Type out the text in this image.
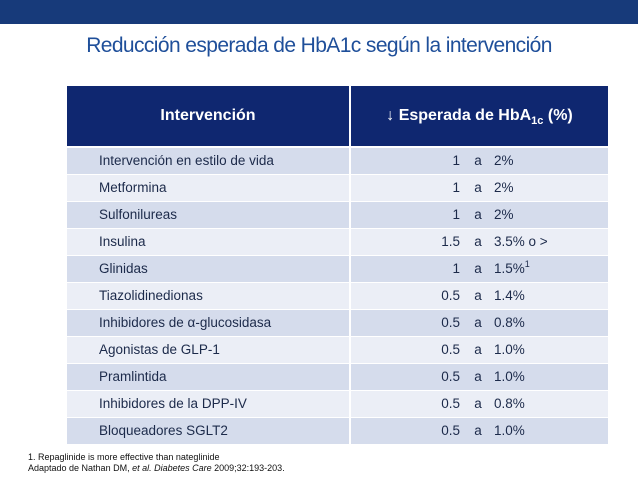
Reducción esperada de HbA1c según la intervención
Intervención	↓ Esperada de HbA$_{1c}$ (%)
Intervención en estilo de vida	1 a 2%
Metformina	1 a 2%
Sulfonilureas	1 a 2%
Insulina	1.5 a 3.5% o >
Glinidas	1 a 1.5%$^1$
Tiazolidinedionas	0.5 a 1.4%
Inhibidores de α-glucosidasa	0.5 a 0.8%
Agonistas de GLP-1	0.5 a 1.0%
Pramlintida	0.5 a 1.0%
Inhibidores de la DPP-IV	0.5 a 0.8%
Bloqueadores SGLT2	0.5 a 1.0%
1. Repaglinide is more effective than nateglinide
Adaptado de Nathan DM, et al. Diabetes Care 2009;32:193-203.
